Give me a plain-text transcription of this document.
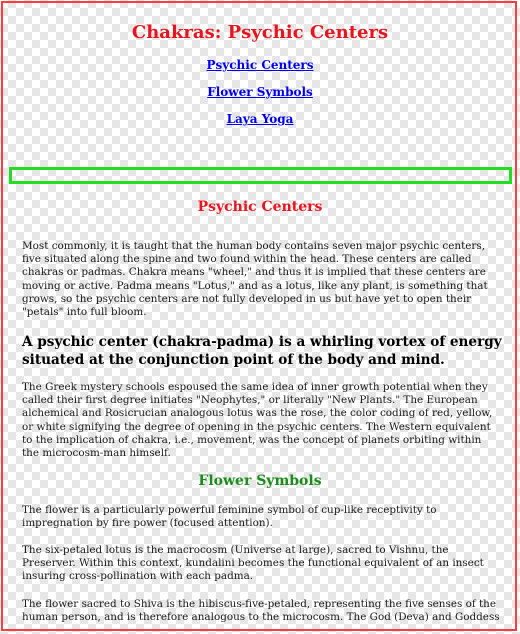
Chakras: Psychic Centers
Psychic Centers
Flower Symbols
Laya Yoga
Psychic Centers

Most commonly, it is taught that the human body contains seven major psychic centers, five situated along the spine and two found within the head. These centers are called chakras or padmas. Chakra means "wheel," and thus it is implied that these centers are moving or active. Padma means "Lotus," and as a lotus, like any plant, is something that grows, so the psychic centers are not fully developed in us but have yet to open their "petals" into full bloom.

A psychic center (chakra-padma) is a whirling vortex of energy situated at the conjunction point of the body and mind.

The Greek mystery schools espoused the same idea of inner growth potential when they called their first degree initiates "Neophytes," or literally "New Plants." The European alchemical and Rosicrucian analogous lotus was the rose, the color coding of red, yellow, or white signifying the degree of opening in the psychic centers. The Western equivalent to the implication of chakra, i.e., movement, was the concept of planets orbiting within the microcosm-man himself.

Flower Symbols

The flower is a particularly powerful feminine symbol of cup-like receptivity to impregnation by fire power (focused attention).

The six-petaled lotus is the macrocosm (Universe at large), sacred to Vishnu, the Preserver. Within this context, kundalini becomes the functional equivalent of an insect insuring cross-pollination with each padma.

The flower sacred to Shiva is the hibiscus-five-petaled, representing the five senses of the human person, and is therefore analogous to the microcosm. The God (Deva) and Goddess
